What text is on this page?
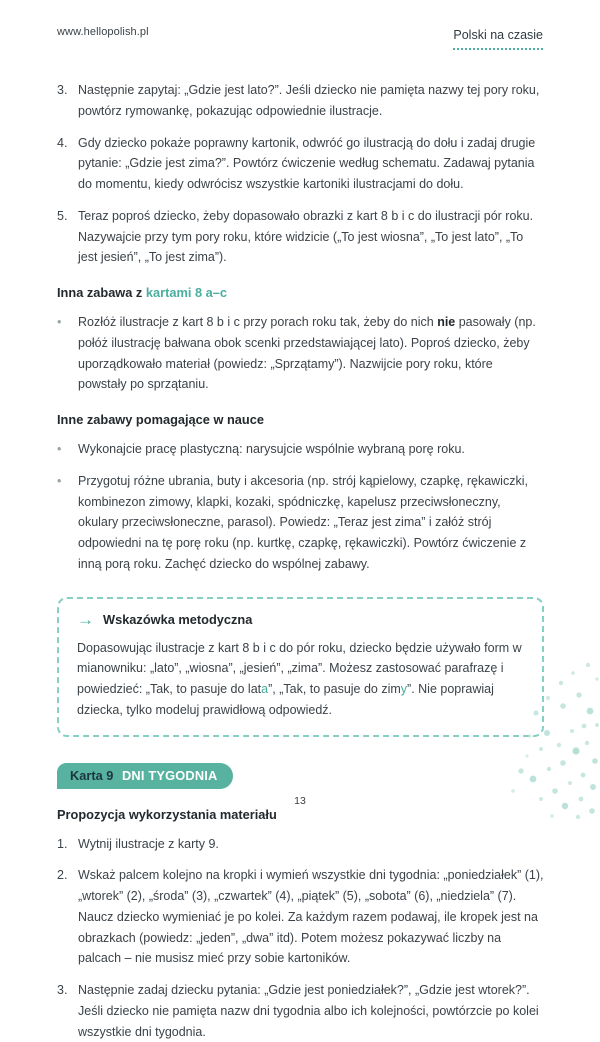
www.hellopolish.pl	Polski na czasie
3. Następnie zapytaj: „Gdzie jest lato?”. Jeśli dziecko nie pamięta nazwy tej pory roku, powtórz rymowankę, pokazując odpowiednie ilustracje.
4. Gdy dziecko pokaże poprawny kartonik, odwróć go ilustracją do dołu i zadaj drugie pytanie: „Gdzie jest zima?”. Powtórz ćwiczenie według schematu. Zadawaj pytania do momentu, kiedy odwrócisz wszystkie kartoniki ilustracjami do dołu.
5. Teraz poproś dziecko, żeby dopasowało obrazki z kart 8 b i c do ilustracji pór roku. Nazywajcie przy tym pory roku, które widzicie („To jest wiosna”, „To jest lato”, „To jest jesień”, „To jest zima”).
Inna zabawa z kartami 8 a–c
•	Rozłóż ilustracje z kart 8 b i c przy porach roku tak, żeby do nich nie pasowały (np. połóż ilustrację bałwana obok scenki przedstawiającej lato). Poproś dziecko, żeby uporządkowało materiał (powiedz: „Sprzątamy”). Nazwijcie pory roku, które powstały po sprzątaniu.
Inne zabawy pomagające w nauce
•	Wykonajcie pracę plastyczną: narysujcie wspólnie wybraną porę roku.
•	Przygotuj różne ubrania, buty i akcesoria (np. strój kąpielowy, czapkę, rękawiczki, kombinezon zimowy, klapki, kozaki, spódniczkę, kapelusz przeciwsłoneczny, okulary przeciwsłoneczne, parasol). Powiedz: „Teraz jest zima” i załóż strój odpowiedni na tę porę roku (np. kurtkę, czapkę, rękawiczki). Powtórz ćwiczenie z inną porą roku. Zachęć dziecko do wspólnej zabawy.
→ Wskazówka metodyczna
Dopasowując ilustracje z kart 8 b i c do pór roku, dziecko będzie używało form w mianowniku: „lato”, „wiosna”, „jesień”, „zima”. Możesz zastosować parafrazę i powiedzieć: „Tak, to pasuje do lata”, „Tak, to pasuje do zimy”. Nie poprawiaj dziecka, tylko modeluj prawidłową odpowiedź.
Karta 9 DNI TYGODNIA
Propozycja wykorzystania materiału
1. Wytnij ilustracje z karty 9.
2. Wskaż palcem kolejno na kropki i wymień wszystkie dni tygodnia: „poniedziałek” (1), „wtorek” (2), „środa” (3), „czwartek” (4), „piątek” (5), „sobota” (6), „niedziela” (7). Naucz dziecko wymieniać je po kolei. Za każdym razem podawaj, ile kropek jest na obrazkach (powiedz: „jeden”, „dwa” itd). Potem możesz pokazywać liczby na palcach – nie musisz mieć przy sobie kartoników.
3. Następnie zadaj dziecku pytania: „Gdzie jest poniedziałek?”, „Gdzie jest wtorek?”. Jeśli dziecko nie pamięta nazw dni tygodnia albo ich kolejności, powtórzcie po kolei wszystkie dni tygodnia.
13
